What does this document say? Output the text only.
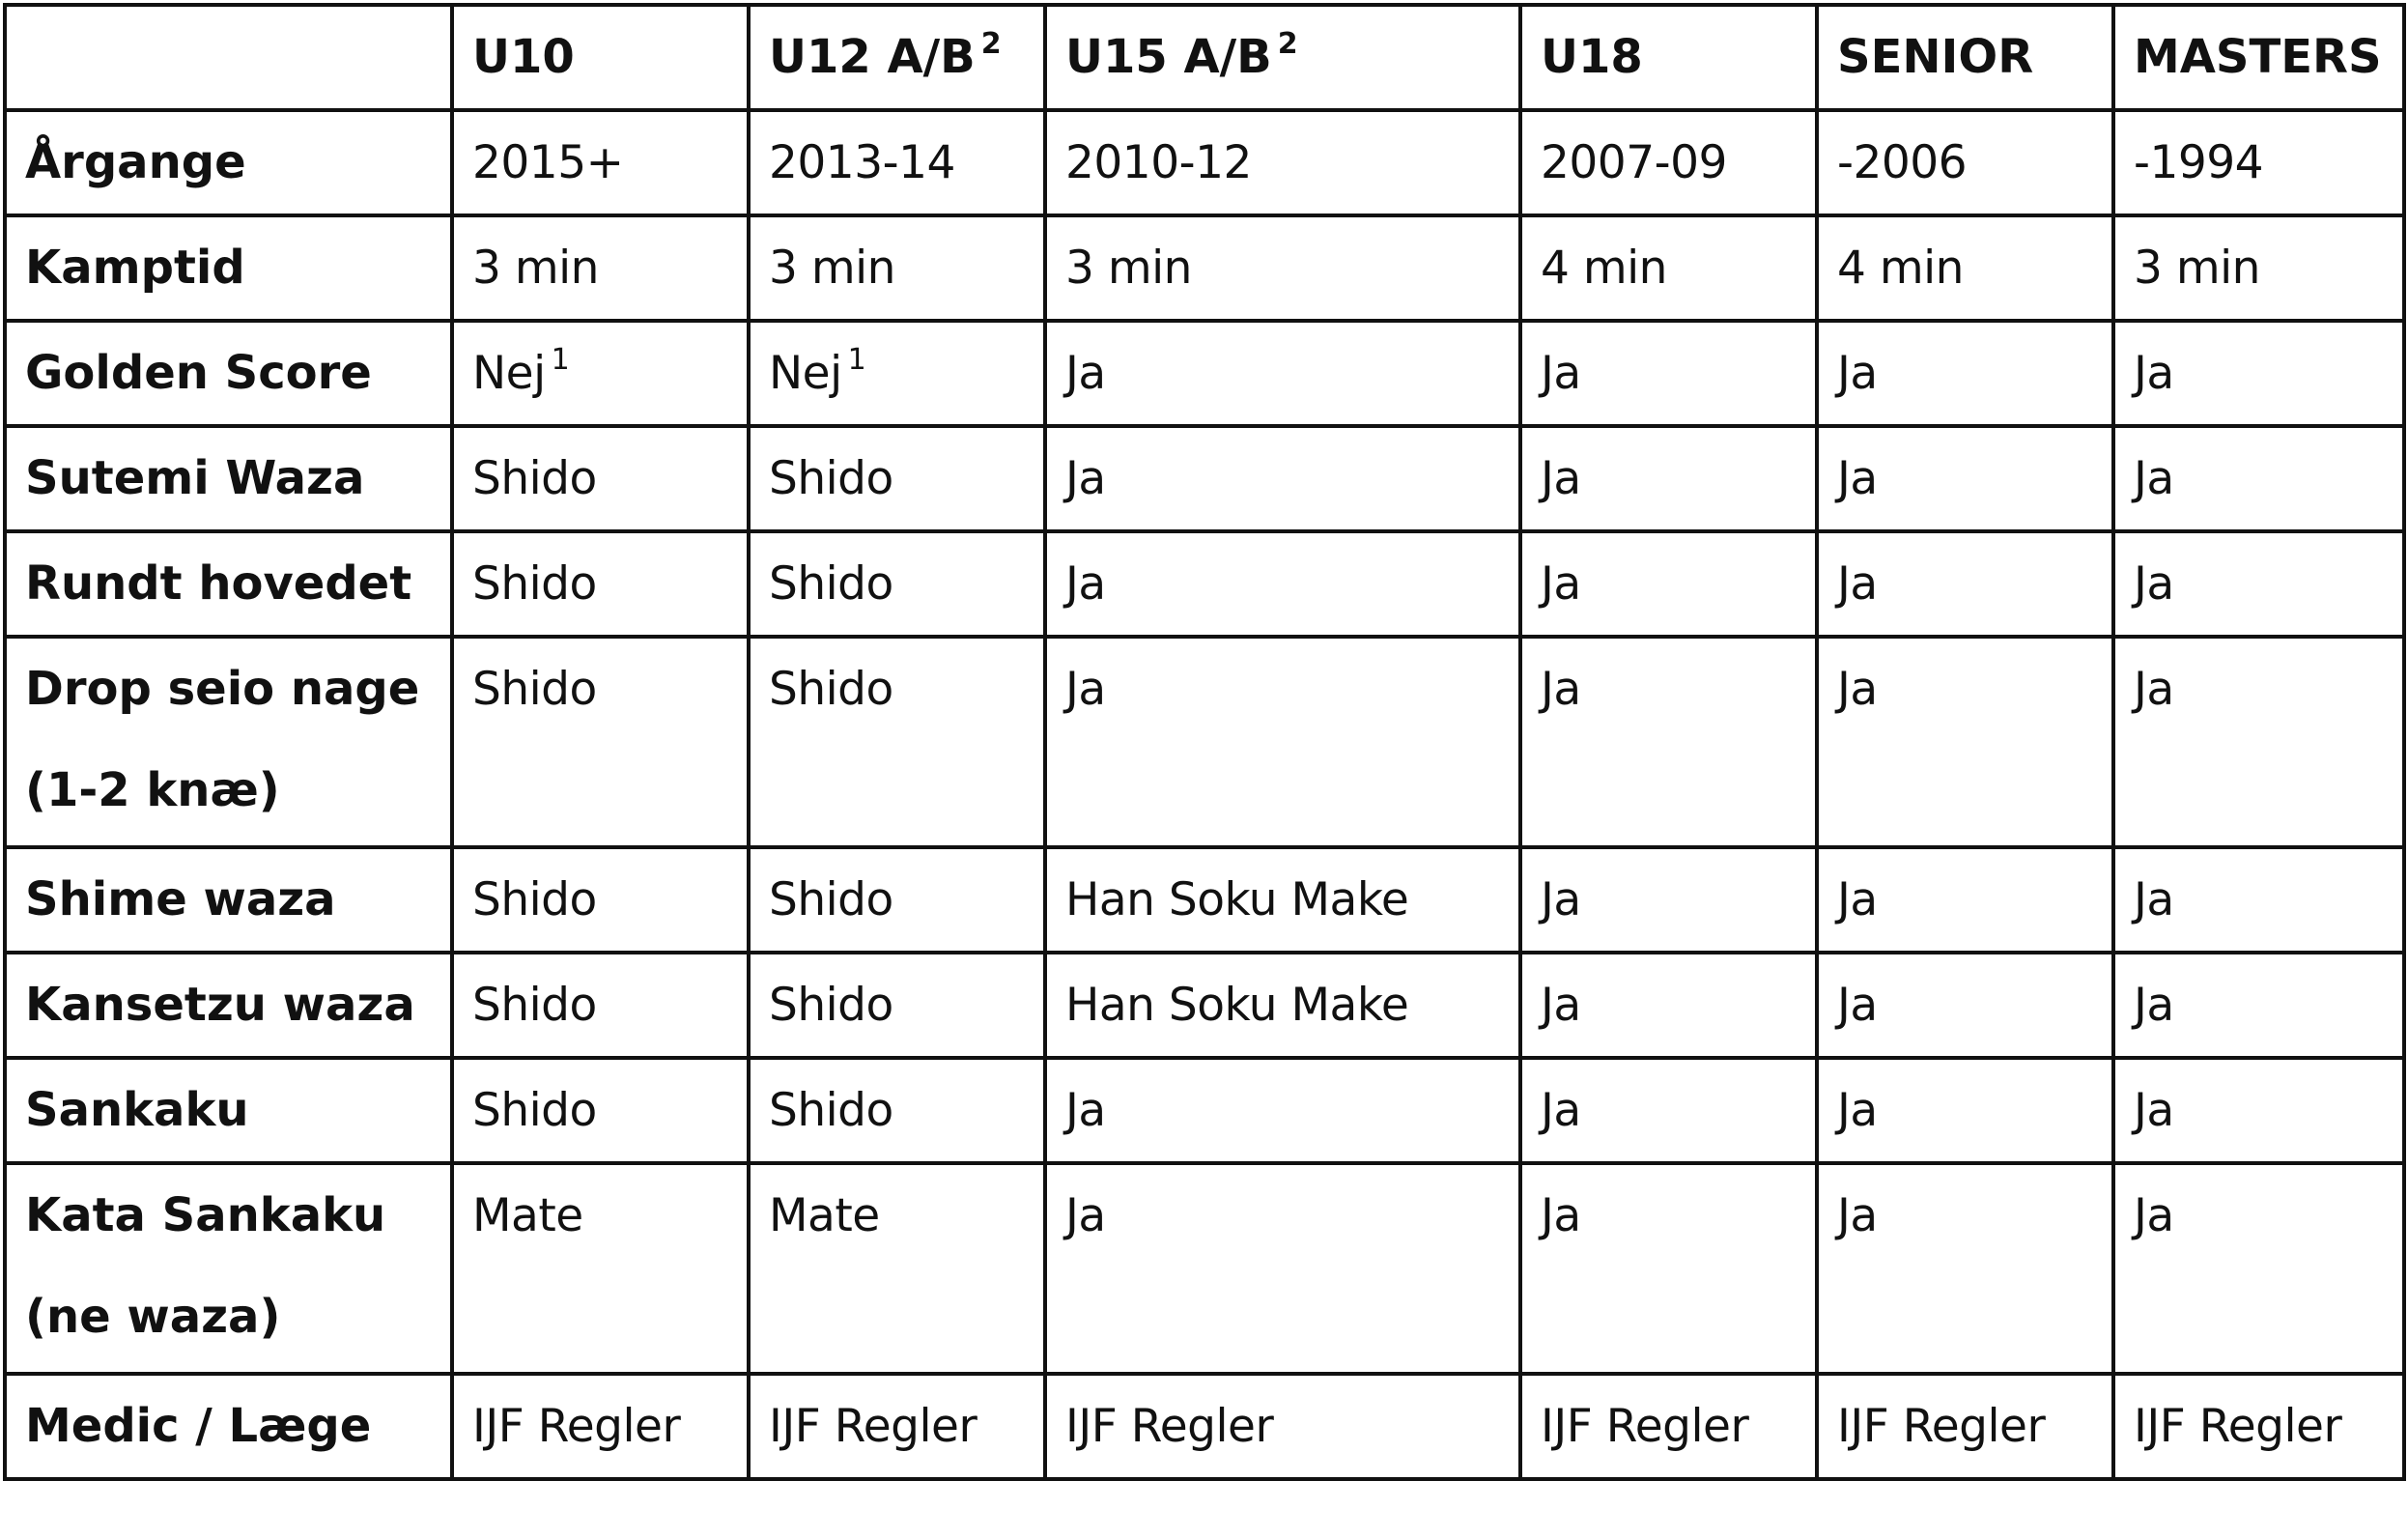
	U10	U12 A/B $^2$	U15 A/B $^2$	U18	SENIOR	MASTERS

Årgange	2015+	2013-14	2010-12	2007-09	-2006	-1994

Kamptid	3 min	3 min	3 min	4 min	4 min	3 min

Golden Score	Nej $^1$	Nej $^1$	Ja	Ja	Ja	Ja

Sutemi Waza	Shido	Shido	Ja	Ja	Ja	Ja

Rundt hovedet	Shido	Shido	Ja	Ja	Ja	Ja

Drop seio nage
(1-2 knæ)	Shido	Shido	Ja	Ja	Ja	Ja

Shime waza	Shido	Shido	Han Soku Make	Ja	Ja	Ja

Kansetzu waza	Shido	Shido	Han Soku Make	Ja	Ja	Ja

Sankaku	Shido	Shido	Ja	Ja	Ja	Ja

Kata Sankaku
(ne waza)	Mate	Mate	Ja	Ja	Ja	Ja

Medic / Læge	IJF Regler	IJF Regler	IJF Regler	IJF Regler	IJF Regler	IJF Regler
